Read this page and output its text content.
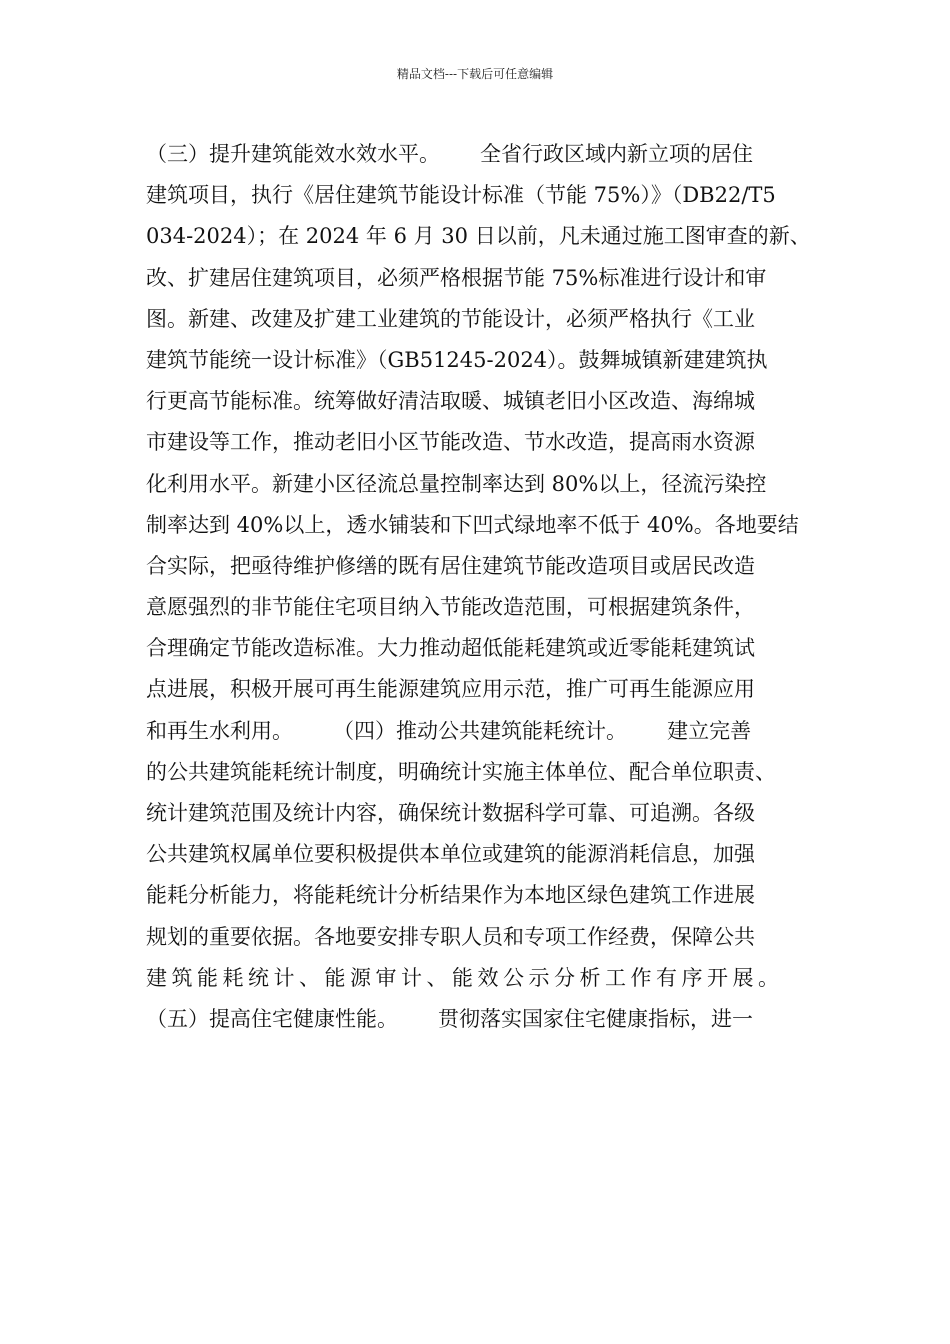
精品文档---下载后可任意编辑
（三）提升建筑能效水效水平。      全省行政区域内新立项的居住
建筑项目，执行《居住建筑节能设计标准（节能 75%）》（DB22/T5
034-2024）；在 2024 年 6 月 30 日以前，凡未通过施工图审查的新、
改、扩建居住建筑项目，必须严格根据节能 75%标准进行设计和审
图。新建、改建及扩建工业建筑的节能设计，必须严格执行《工业
建筑节能统一设计标准》（GB51245-2024）。鼓舞城镇新建建筑执
行更高节能标准。统筹做好清洁取暖、城镇老旧小区改造、海绵城
市建设等工作，推动老旧小区节能改造、节水改造，提高雨水资源
化利用水平。新建小区径流总量控制率达到 80%以上，径流污染控
制率达到 40%以上，透水铺装和下凹式绿地率不低于 40%。各地要结
合实际，把亟待维护修缮的既有居住建筑节能改造项目或居民改造
意愿强烈的非节能住宅项目纳入节能改造范围，可根据建筑条件，
合理确定节能改造标准。大力推动超低能耗建筑或近零能耗建筑试
点进展，积极开展可再生能源建筑应用示范，推广可再生能源应用
和再生水利用。      （四）推动公共建筑能耗统计。      建立完善
的公共建筑能耗统计制度，明确统计实施主体单位、配合单位职责、
统计建筑范围及统计内容，确保统计数据科学可靠、可追溯。各级
公共建筑权属单位要积极提供本单位或建筑的能源消耗信息，加强
能耗分析能力，将能耗统计分析结果作为本地区绿色建筑工作进展
规划的重要依据。各地要安排专职人员和专项工作经费，保障公共
建筑能耗统计、能源审计、能效公示分析工作有序开展。
（五）提高住宅健康性能。      贯彻落实国家住宅健康指标，进一
